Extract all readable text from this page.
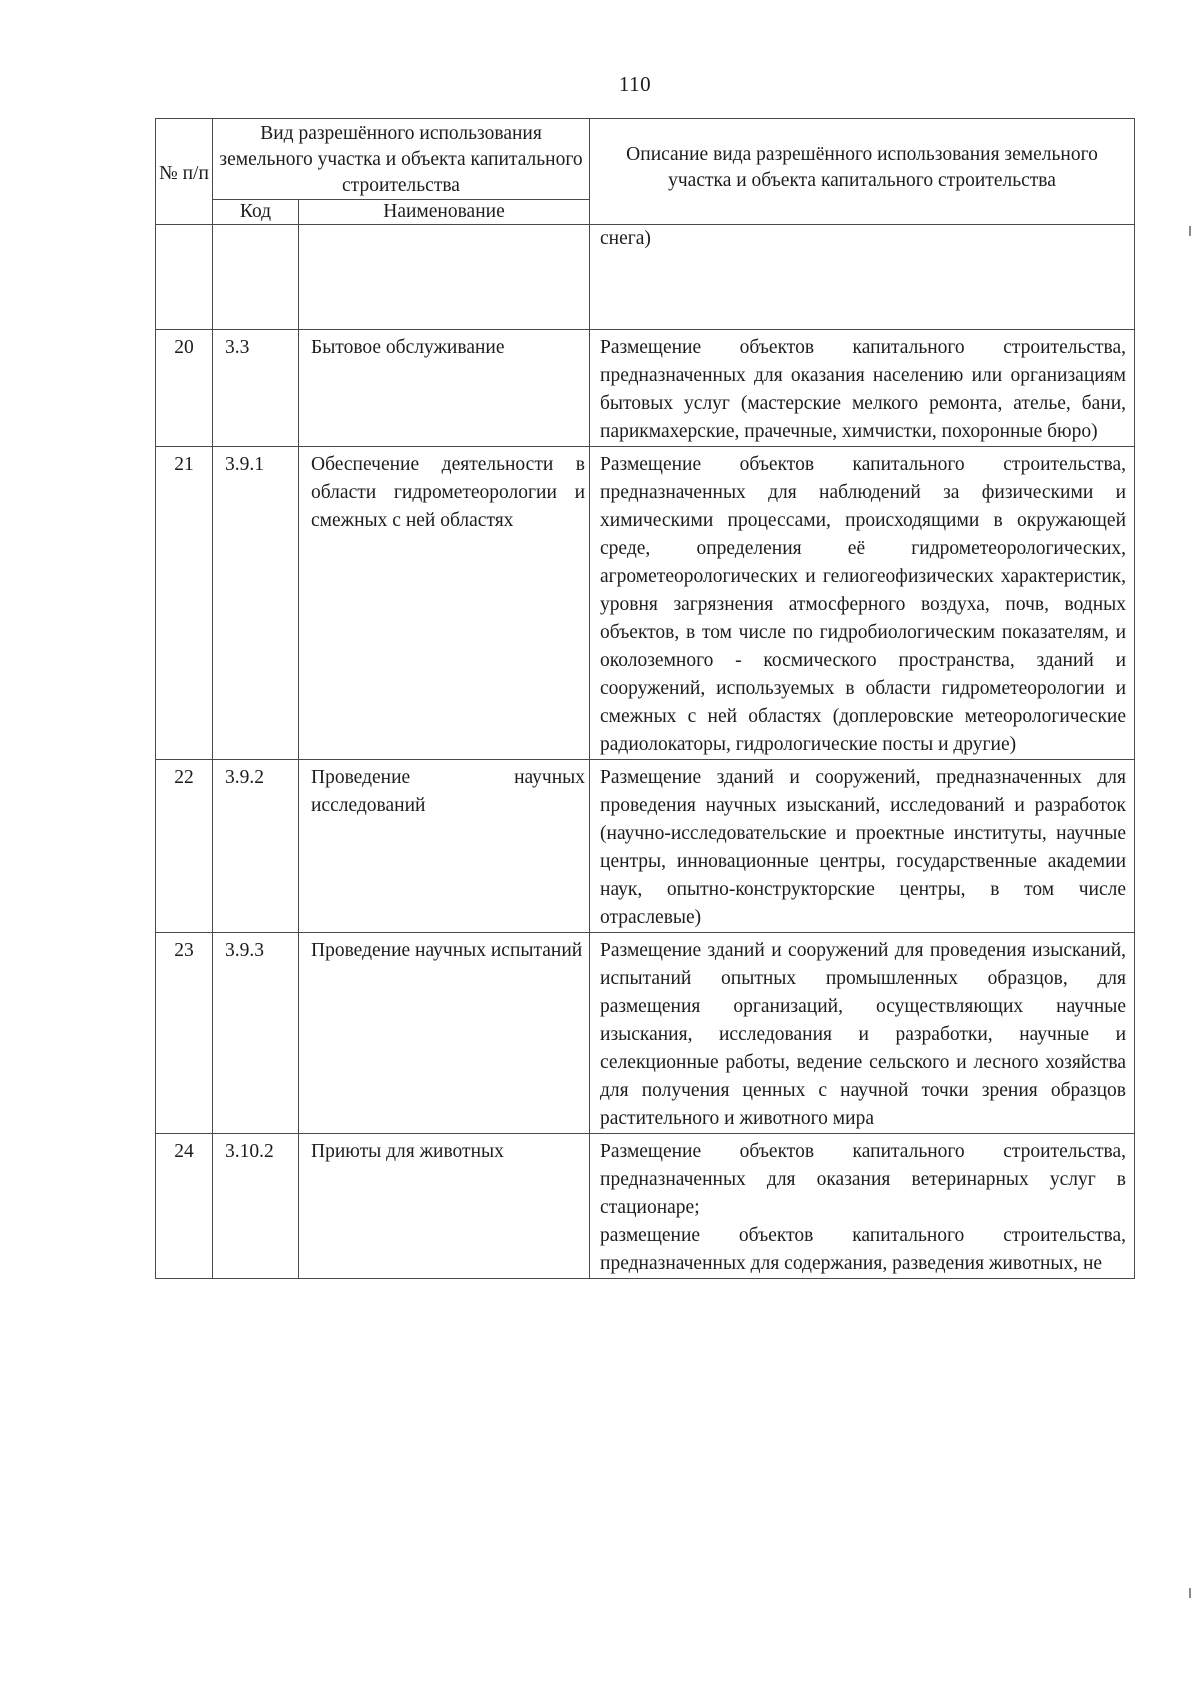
110
№ п/п	Вид разрешённого использования земельного участка и объекта капитального строительства		Описание вида разрешённого использования земельного участка и объекта капитального строительства
	Код	Наименование	

			снега)

20	3.3	Бытовое обслуживание	Размещение объектов капитального строительства, предназначенных для оказания населению или организациям бытовых услуг (мастерские мелкого ремонта, ателье, бани, парикмахерские, прачечные, химчистки, похоронные бюро)

21	3.9.1	Обеспечение деятельности в области гидрометеорологии и смежных с ней областях	Размещение объектов капитального строительства, предназначенных для наблюдений за физическими и химическими процессами, происходящими в окружающей среде, определения её гидрометеорологических, агрометеорологических и гелиогеофизических характеристик, уровня загрязнения атмосферного воздуха, почв, водных объектов, в том числе по гидробиологическим показателям, и околоземного - космического пространства, зданий и сооружений, используемых в области гидрометеорологии и смежных с ней областях (доплеровские метеорологические радиолокаторы, гидрологические посты и другие)

22	3.9.2	Проведение научных исследований	Размещение зданий и сооружений, предназначенных для проведения научных изысканий, исследований и разработок (научно-исследовательские и проектные институты, научные центры, инновационные центры, государственные академии наук, опытно-конструкторские центры, в том числе отраслевые)

23	3.9.3	Проведение научных испытаний	Размещение зданий и сооружений для проведения изысканий, испытаний опытных промышленных образцов, для размещения организаций, осуществляющих научные изыскания, исследования и разработки, научные и селекционные работы, ведение сельского и лесного хозяйства для получения ценных с научной точки зрения образцов растительного и животного мира

24	3.10.2	Приюты для животных	Размещение объектов капитального строительства, предназначенных для оказания ветеринарных услуг в стационаре;

размещение объектов капитального строительства, предназначенных для содержания, разведения животных, не
